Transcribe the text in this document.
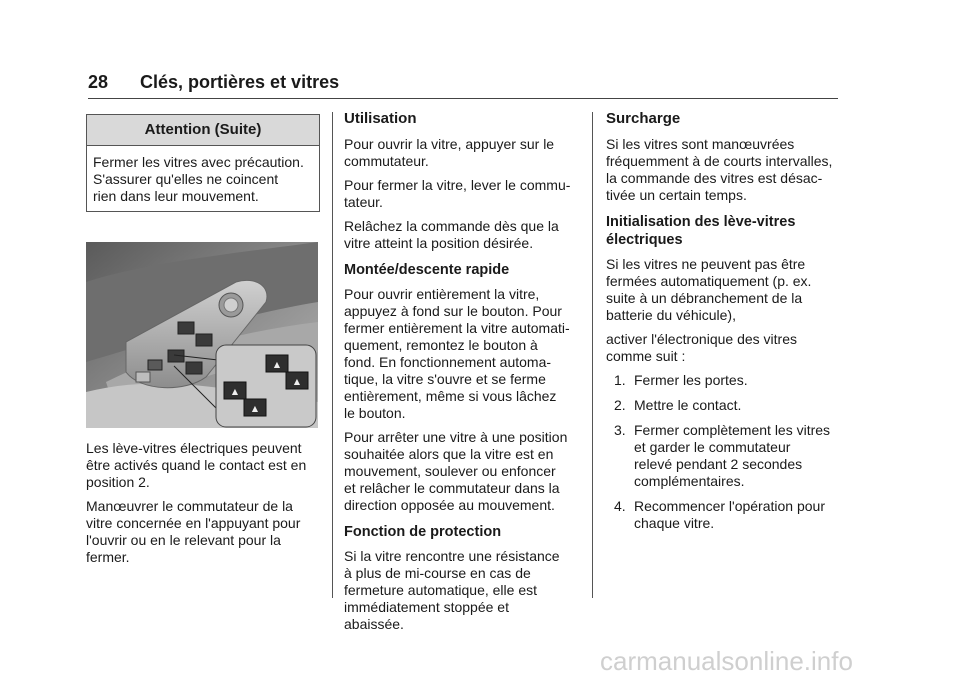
28 Clés, portières et vitres
Attention (Suite)
Fermer les vitres avec précaution.
S'assurer qu'elles ne coincent
rien dans leur mouvement.
▲
▲
▲
▲

Les lève-vitres électriques peuvent
être activés quand le contact est en
position 2.

Manœuvrer le commutateur de la
vitre concernée en l'appuyant pour
l'ouvrir ou en le relevant pour la
fermer.

Utilisation

Pour ouvrir la vitre, appuyer sur le
commutateur.

Pour fermer la vitre, lever le commu-
tateur.

Relâchez la commande dès que la
vitre atteint la position désirée.

Montée/descente rapide

Pour ouvrir entièrement la vitre,
appuyez à fond sur le bouton. Pour
fermer entièrement la vitre automati-
quement, remontez le bouton à
fond. En fonctionnement automa-
tique, la vitre s'ouvre et se ferme
entièrement, même si vous lâchez
le bouton.

Pour arrêter une vitre à une position
souhaitée alors que la vitre est en
mouvement, soulever ou enfoncer
et relâcher le commutateur dans la
direction opposée au mouvement.

Fonction de protection

Si la vitre rencontre une résistance
à plus de mi-course en cas de
fermeture automatique, elle est
immédiatement stoppée et
abaissée.

Surcharge

Si les vitres sont manœuvrées
fréquemment à de courts intervalles,
la commande des vitres est désac-
tivée un certain temps.

Initialisation des lève-vitres
électriques

Si les vitres ne peuvent pas être
fermées automatiquement (p. ex.
suite à un débranchement de la
batterie du véhicule),

activer l'électronique des vitres
comme suit :

1. Fermer les portes.
2. Mettre le contact.
3. Fermer complètement les vitres
et garder le commutateur
relevé pendant 2 secondes
complémentaires.
4. Recommencer l'opération pour
chaque vitre.
carmanualsonline.info
